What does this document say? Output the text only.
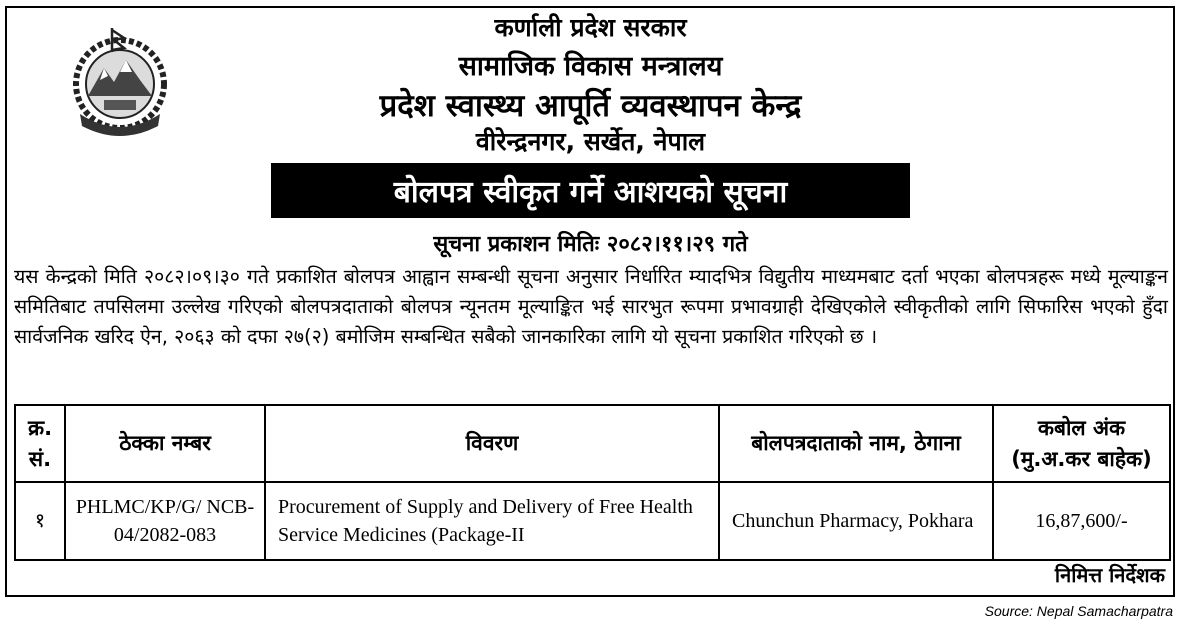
कर्णाली प्रदेश सरकार
सामाजिक विकास मन्त्रालय
प्रदेश स्वास्थ्य आपूर्ति व्यवस्थापन केन्द्र
वीरेन्द्रनगर, सर्खेत, नेपाल
बोलपत्र स्वीकृत गर्ने आशयको सूचना
सूचना प्रकाशन मितिः २०८२।११।२९ गते
यस केन्द्रको मिति २०८२।०९।३० गते प्रकाशित बोलपत्र आह्वान सम्बन्धी सूचना अनुसार निर्धारित म्यादभित्र विद्युतीय माध्यमबाट दर्ता भएका बोलपत्रहरू मध्ये मूल्याङ्कन समितिबाट तपसिलमा उल्लेख गरिएको बोलपत्रदाताको बोलपत्र न्यूनतम मूल्याङ्कित भई सारभुत रूपमा प्रभावग्राही देखिएकोले स्वीकृतीको लागि सिफारिस भएको हुँदा सार्वजनिक खरिद ऐन, २०६३ को दफा २७(२) बमोजिम सम्बन्धित सबैको जानकारिका लागि यो सूचना प्रकाशित गरिएको छ ।
क्र. सं.	ठेक्का नम्बर	विवरण	बोलपत्रदाताको नाम, ठेगाना	कबोल अंक
(मु.अ.कर बाहेक)

१	PHLMC/KP/G/ NCB-04/2082-083	Procurement of Supply and Delivery of Free Health Service Medicines (Package-II	Chunchun Pharmacy, Pokhara	16,87,600/-
निमित्त निर्देशक
Source: Nepal Samacharpatra
